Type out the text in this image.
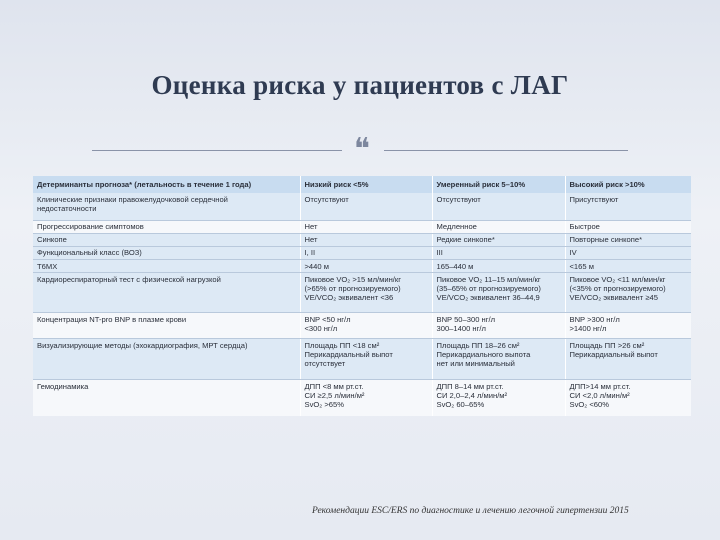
Оценка риска у пациентов с ЛАГ
❝
Детерминанты прогноза* (летальность в течение 1 года)	Низкий риск <5%	Умеренный риск 5–10%	Высокий риск >10%

Клинические признаки правожелудочковой сердечной
недостаточности	Отсутствуют	Отсутствуют	Присутствуют

Прогрессирование симптомов	Нет	Медленное	Быстрое

Синкопе	Нет	Редкие синкопе*	Повторные синкопе*

Функциональный класс (ВОЗ)	I, II	III	IV

Т6МХ	>440 м	165–440 м	<165 м

Кардиореспираторный тест с физической нагрузкой	Пиковое VO₂ >15 мл/мин/кг
(>65% от прогнозируемого)
VE/VCO₂ эквивалент <36	Пиковое VO₂ 11–15 мл/мин/кг
(35–65% от прогнозируемого)
VE/VCO₂ эквивалент 36–44,9	Пиковое VO₂ <11 мл/мин/кг
(<35% от прогнозируемого)
VE/VCO₂ эквивалент ≥45

Концентрация NT-pro BNP в плазме крови	BNP <50 нг/л
<300 нг/л	BNP 50–300 нг/л
300–1400 нг/л	BNP >300 нг/л
>1400 нг/л

Визуализирующие методы (эхокардиография, МРТ сердца)	Площадь ПП <18 см²
Перикардиальный выпот
отсутствует	Площадь ПП 18–26 см²
Перикардиального выпота
нет или минимальный	Площадь ПП >26 см²
Перикардиальный выпот

Гемодинамика	ДПП <8 мм рт.ст.
СИ ≥2,5 л/мин/м²
SvO₂ >65%	ДПП 8–14 мм рт.ст.
СИ 2,0–2,4 л/мин/м²
SvO₂ 60–65%	ДПП>14 мм рт.ст.
СИ <2,0 л/мин/м²
SvO₂ <60%
Рекомендации ESC/ERS по диагностике и лечению легочной гипертензии 2015
